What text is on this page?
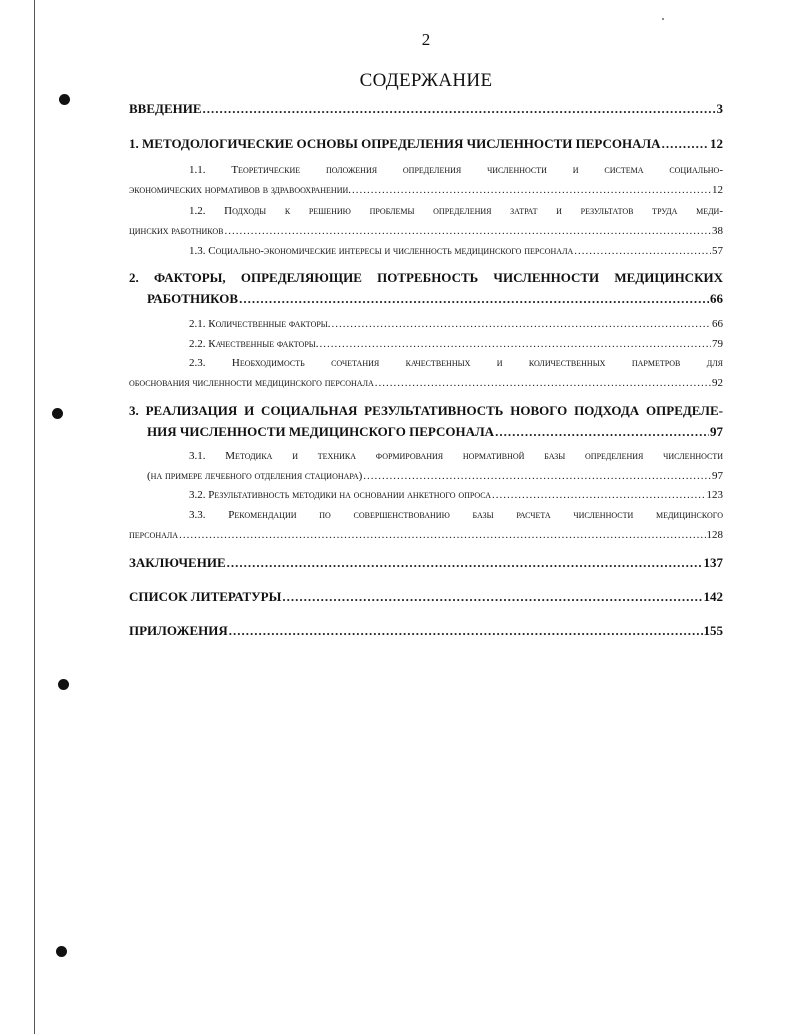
2
СОДЕРЖАНИЕ
ВВЕДЕНИЕ .....	3
1. МЕТОДОЛОГИЧЕСКИЕ ОСНОВЫ ОПРЕДЕЛЕНИЯ ЧИСЛЕННОСТИ ПЕРСОНАЛА .....	12
1.1. Теоретические положения определения численности и система социально-
экономических нормативов в здравоохранении. .....	12
1.2. Подходы к решению проблемы определения затрат и результатов труда меди-
цинских работников .....	38
1.3. Социально-экономические интересы и численность медицинского персонала .....	57
2. ФАКТОРЫ, ОПРЕДЕЛЯЮЩИЕ ПОТРЕБНОСТЬ ЧИСЛЕННОСТИ МЕДИЦИНСКИХ
РАБОТНИКОВ .....	66
2.1. Количественные факторы. .....	66
2.2. Качественные факторы. .....	79
2.3. Необходимость сочетания качественных и количественных парметров для
обоснования численности медицинского персонала .....	92
3. РЕАЛИЗАЦИЯ И СОЦИАЛЬНАЯ РЕЗУЛЬТАТИВНОСТЬ НОВОГО ПОДХОДА ОПРЕДЕЛЕ-
НИЯ ЧИСЛЕННОСТИ МЕДИЦИНСКОГО ПЕРСОНАЛА .....	97
3.1. Методика и техника формирования нормативной базы определения численности
(на примере лечебного отделения стационара) .....	97
3.2. Результативность методики на основании анкетного опроса .....	123
3.3. Рекомендации по совершенствованию базы расчета численности медицинского
персонала .....	128
ЗАКЛЮЧЕНИЕ .....	137
СПИСОК ЛИТЕРАТУРЫ .....	142
ПРИЛОЖЕНИЯ .....	155
